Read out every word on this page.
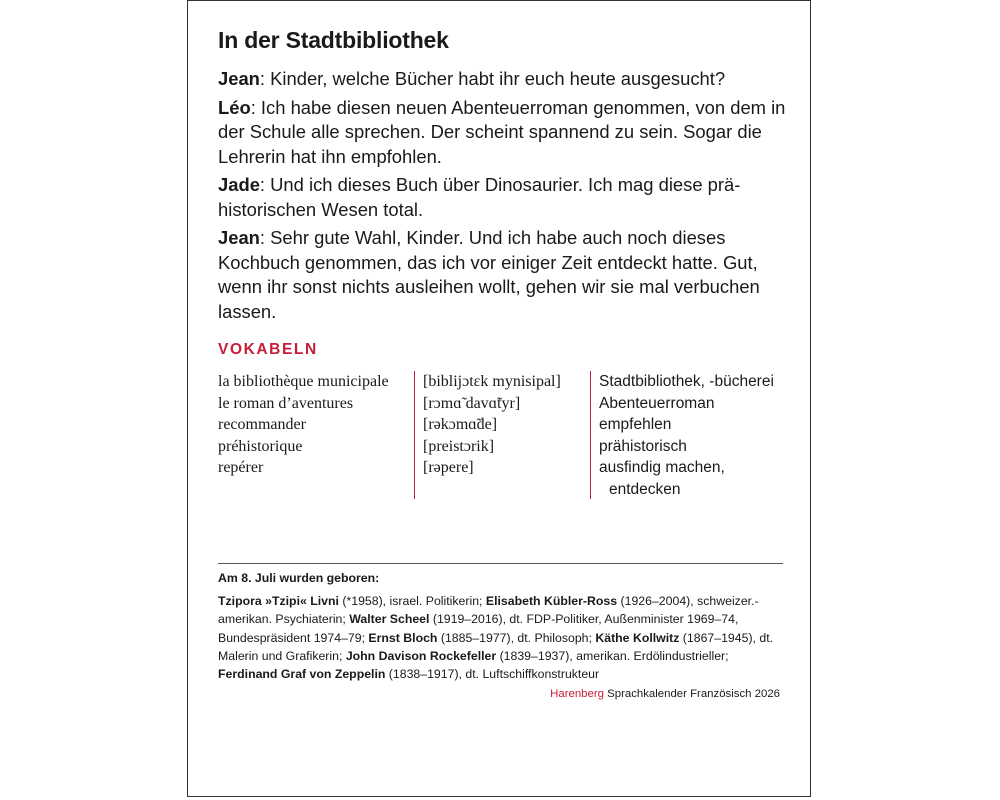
In der Stadtbibliothek

Jean: Kinder, welche Bücher habt ihr euch heute ausgesucht?

Léo: Ich habe diesen neuen Abenteuerroman genommen, von dem in der Schule alle sprechen. Der scheint spannend zu sein. Sogar die Lehrerin hat ihn empfohlen.

Jade: Und ich dieses Buch über Dinosaurier. Ich mag diese prähistorischen Wesen total.

Jean: Sehr gute Wahl, Kinder. Und ich habe auch noch dieses Kochbuch genommen, das ich vor einiger Zeit entdeckt hatte. Gut, wenn ihr sonst nichts ausleihen wollt, gehen wir sie mal verbuchen lassen.

VOKABELN
la bibliothèque municipale
le roman d’aventures
recommander
préhistorique
repérer
[biblijɔtɛk mynisipal]
[rɔmɑ̃ davɑ̃tyr]
[rəkɔmɑ̃de]
[preistɔrik]
[rəpere]
Stadtbibliothek, -bücherei
Abenteuerroman
empfehlen
prähistorisch
ausfindig machen,
entdecken

Am 8. Juli wurden geboren:

Tzipora »Tzipi« Livni (*1958), israel. Politikerin; Elisabeth Kübler-Ross (1926–2004), schweizer.-amerikan. Psychiaterin; Walter Scheel (1919–2016), dt. FDP-Politiker, Außenminister 1969–74, Bundespräsident 1974–79; Ernst Bloch (1885–1977), dt. Philosoph; Käthe Kollwitz (1867–1945), dt. Malerin und Grafikerin; John Davison Rockefeller (1839–1937), amerikan. Erdölindustrieller; Ferdinand Graf von Zeppelin (1838–1917), dt. Luftschiffkonstrukteur

Harenberg Sprachkalender Französisch 2026
